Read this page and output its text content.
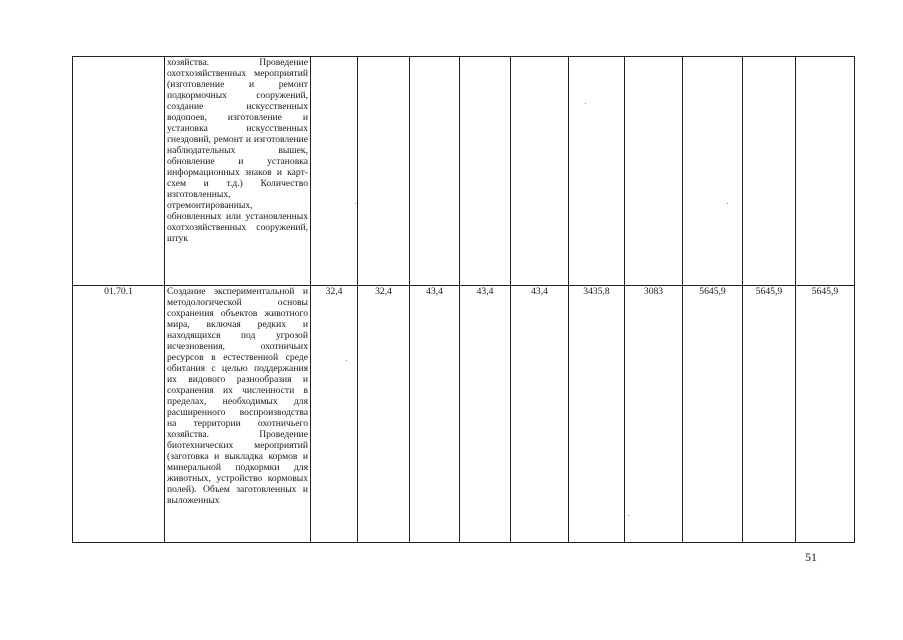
	хозяйства. Проведение охотхозяйственных мероприятий (изготовление и ремонт подкормочных сооружений, создание искусственных водопоев, изготовление и установка искусственных гнездовий, ремонт и изготовление наблюдательных вышек, обновление и установка информационных знаков и карт-схем и т.д.) Количество изготовленных, отремонтированных, обновленных или установленных охотхозяйственных сооружений, штук										
01.70.1	Создание экспериментальной и методологической основы сохранения объектов животного мира, включая редких и находящихся под угрозой исчезновения, охотничьих ресурсов в естественной среде обитания с целью поддержания их видового разнообразия и сохранения их численности в пределах, необходимых для расширенного воспроизводства на территории охотничьего хозяйства. Проведение биотехнических мероприятий (заготовка и выкладка кормов и минеральной подкормки для животных, устройство кормовых полей). Объем заготовленных и выложенных	32,4	32,4	43,4	43,4	43,4	3435,8	3083	5645,9	5645,9	5645,9
51
